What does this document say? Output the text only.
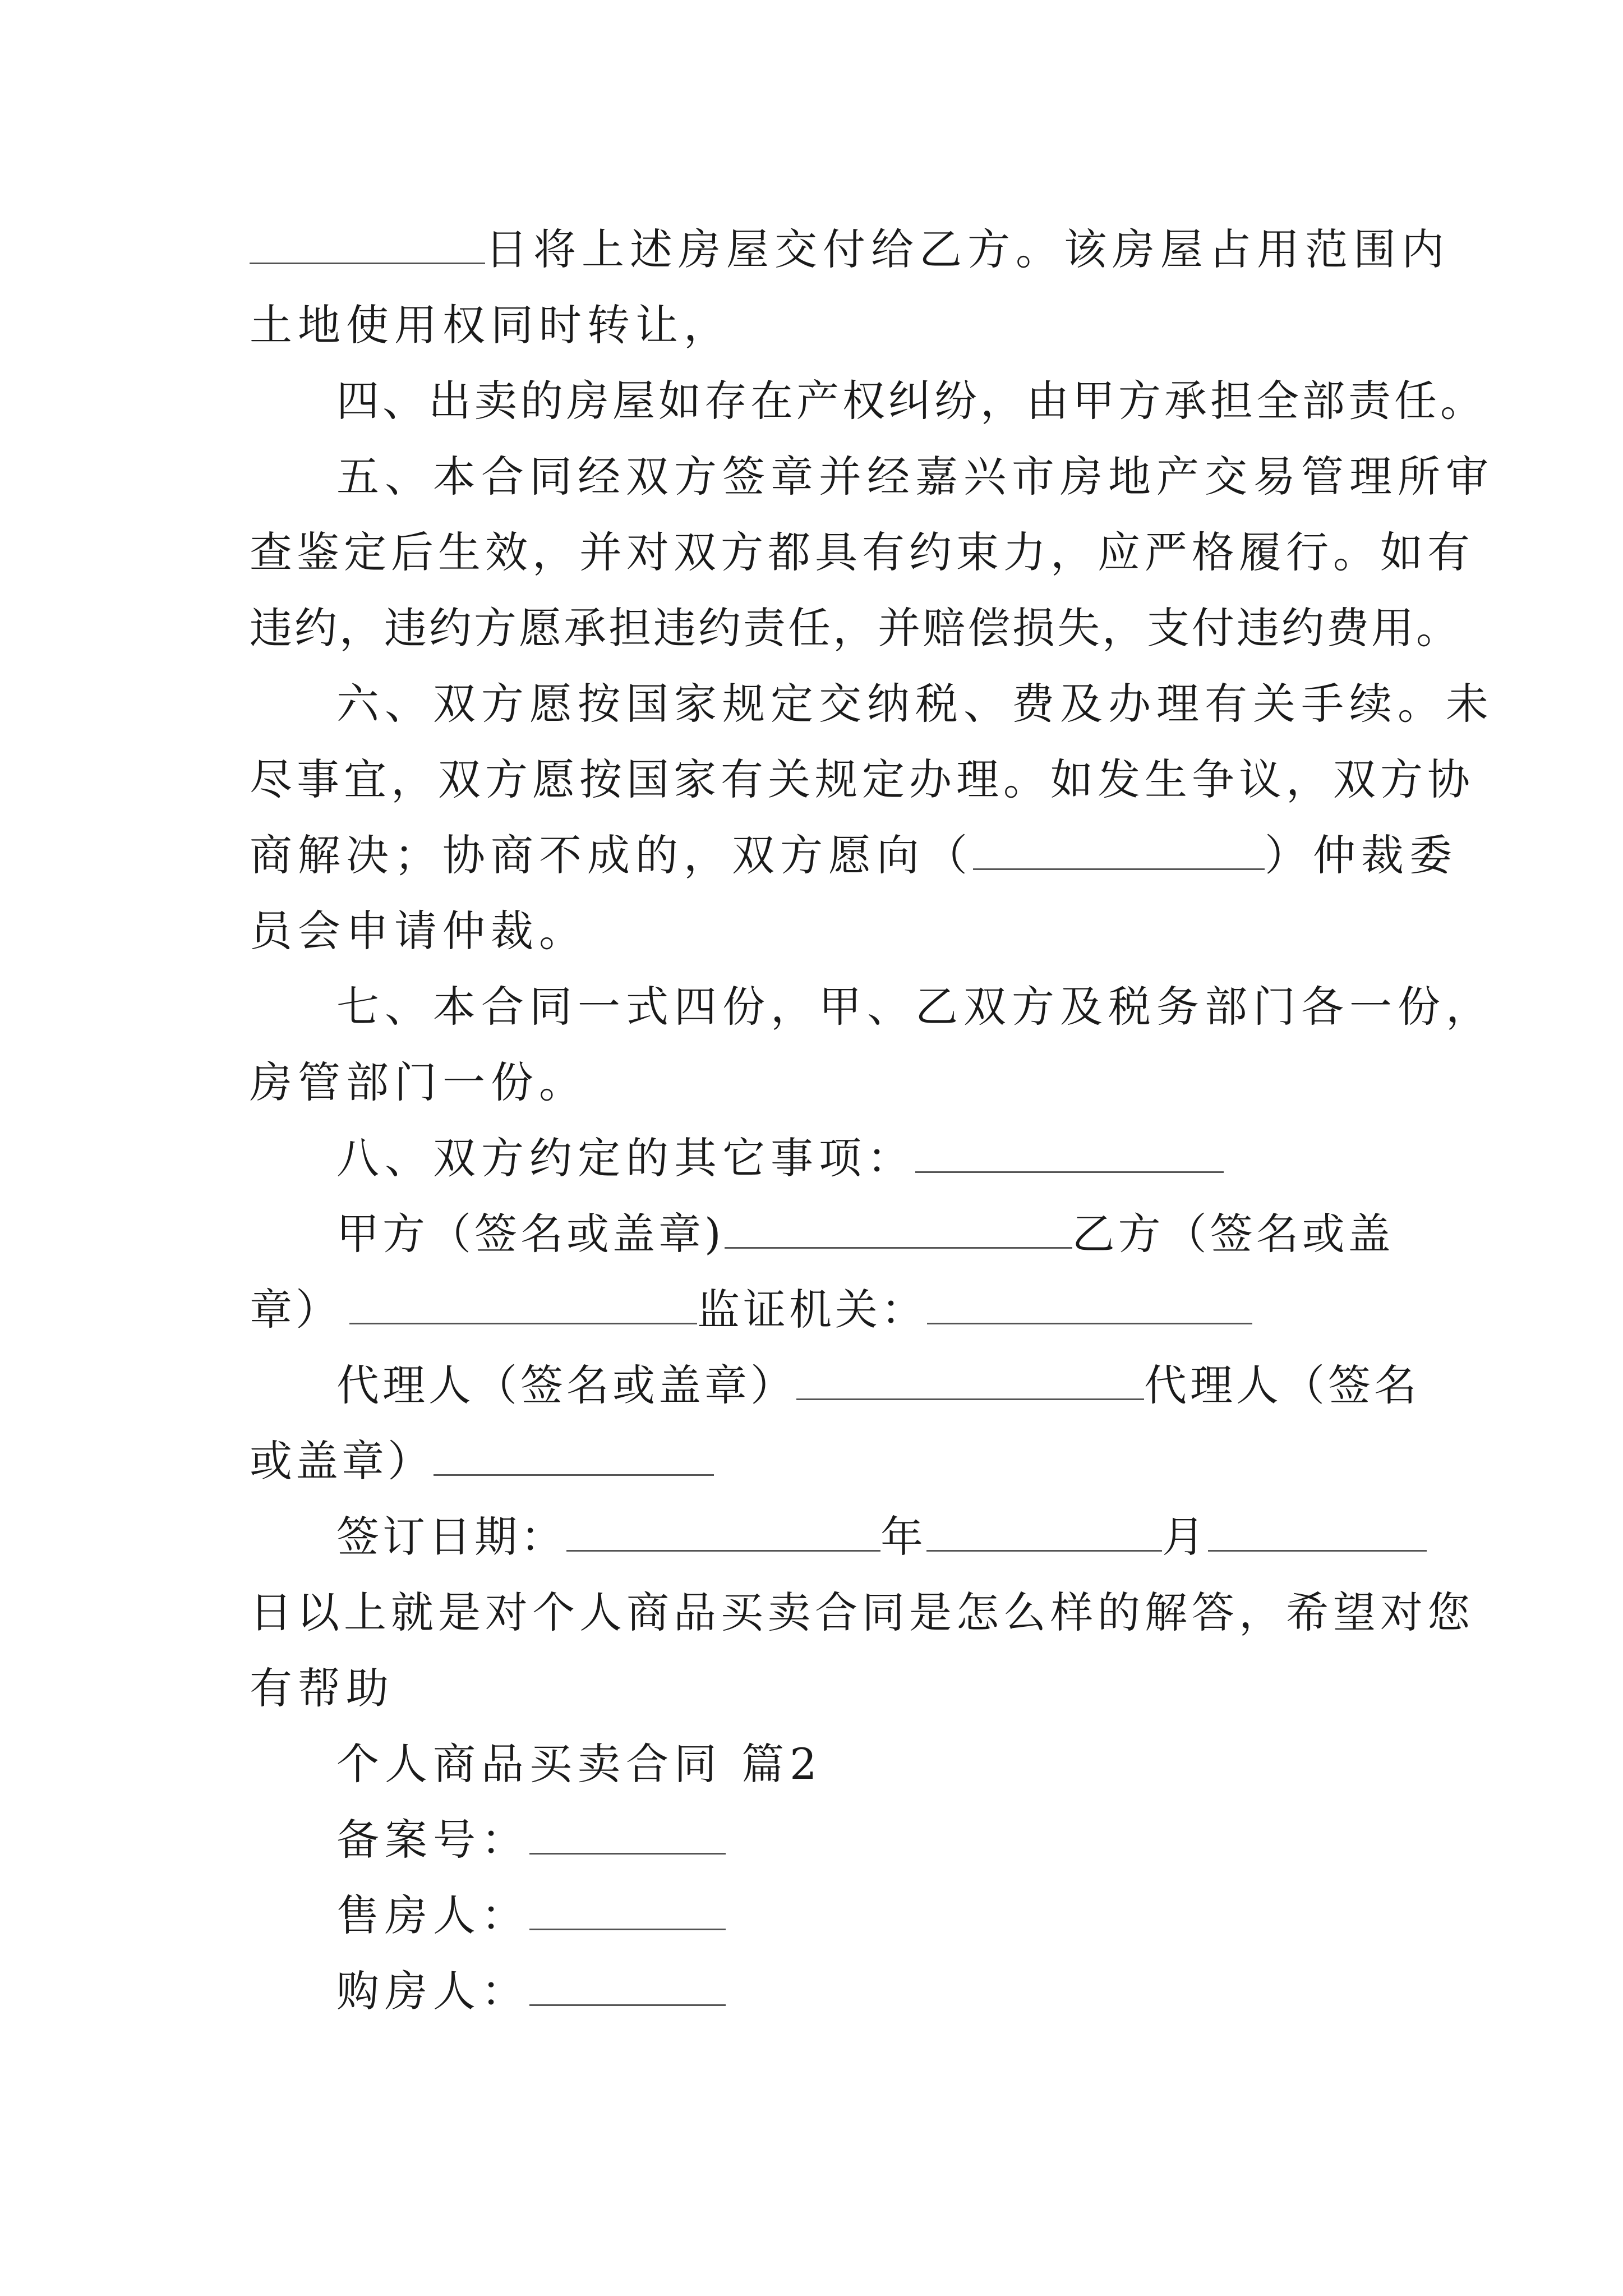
日将上述房屋交付给乙方。该房屋占用范围内
土地使用权同时转让，
四、出卖的房屋如存在产权纠纷，由甲方承担全部责任。
五、本合同经双方签章并经嘉兴市房地产交易管理所审
查鉴定后生效，并对双方都具有约束力，应严格履行。如有
违约，违约方愿承担违约责任，并赔偿损失，支付违约费用。
六、双方愿按国家规定交纳税、费及办理有关手续。未
尽事宜，双方愿按国家有关规定办理。如发生争议，双方协
商解决；协商不成的，双方愿向（	）仲裁委
员会申请仲裁。
七、本合同一式四份，甲、乙双方及税务部门各一份，
房管部门一份。
八、双方约定的其它事项：
甲方（签名或盖章)	乙方（签名或盖
章）	监证机关：
代理人（签名或盖章）	代理人（签名
或盖章）
签订日期：	年	月
日以上就是对个人商品买卖合同是怎么样的解答，希望对您
有帮助
个人商品买卖合同 篇2
备案号：
售房人：
购房人：
